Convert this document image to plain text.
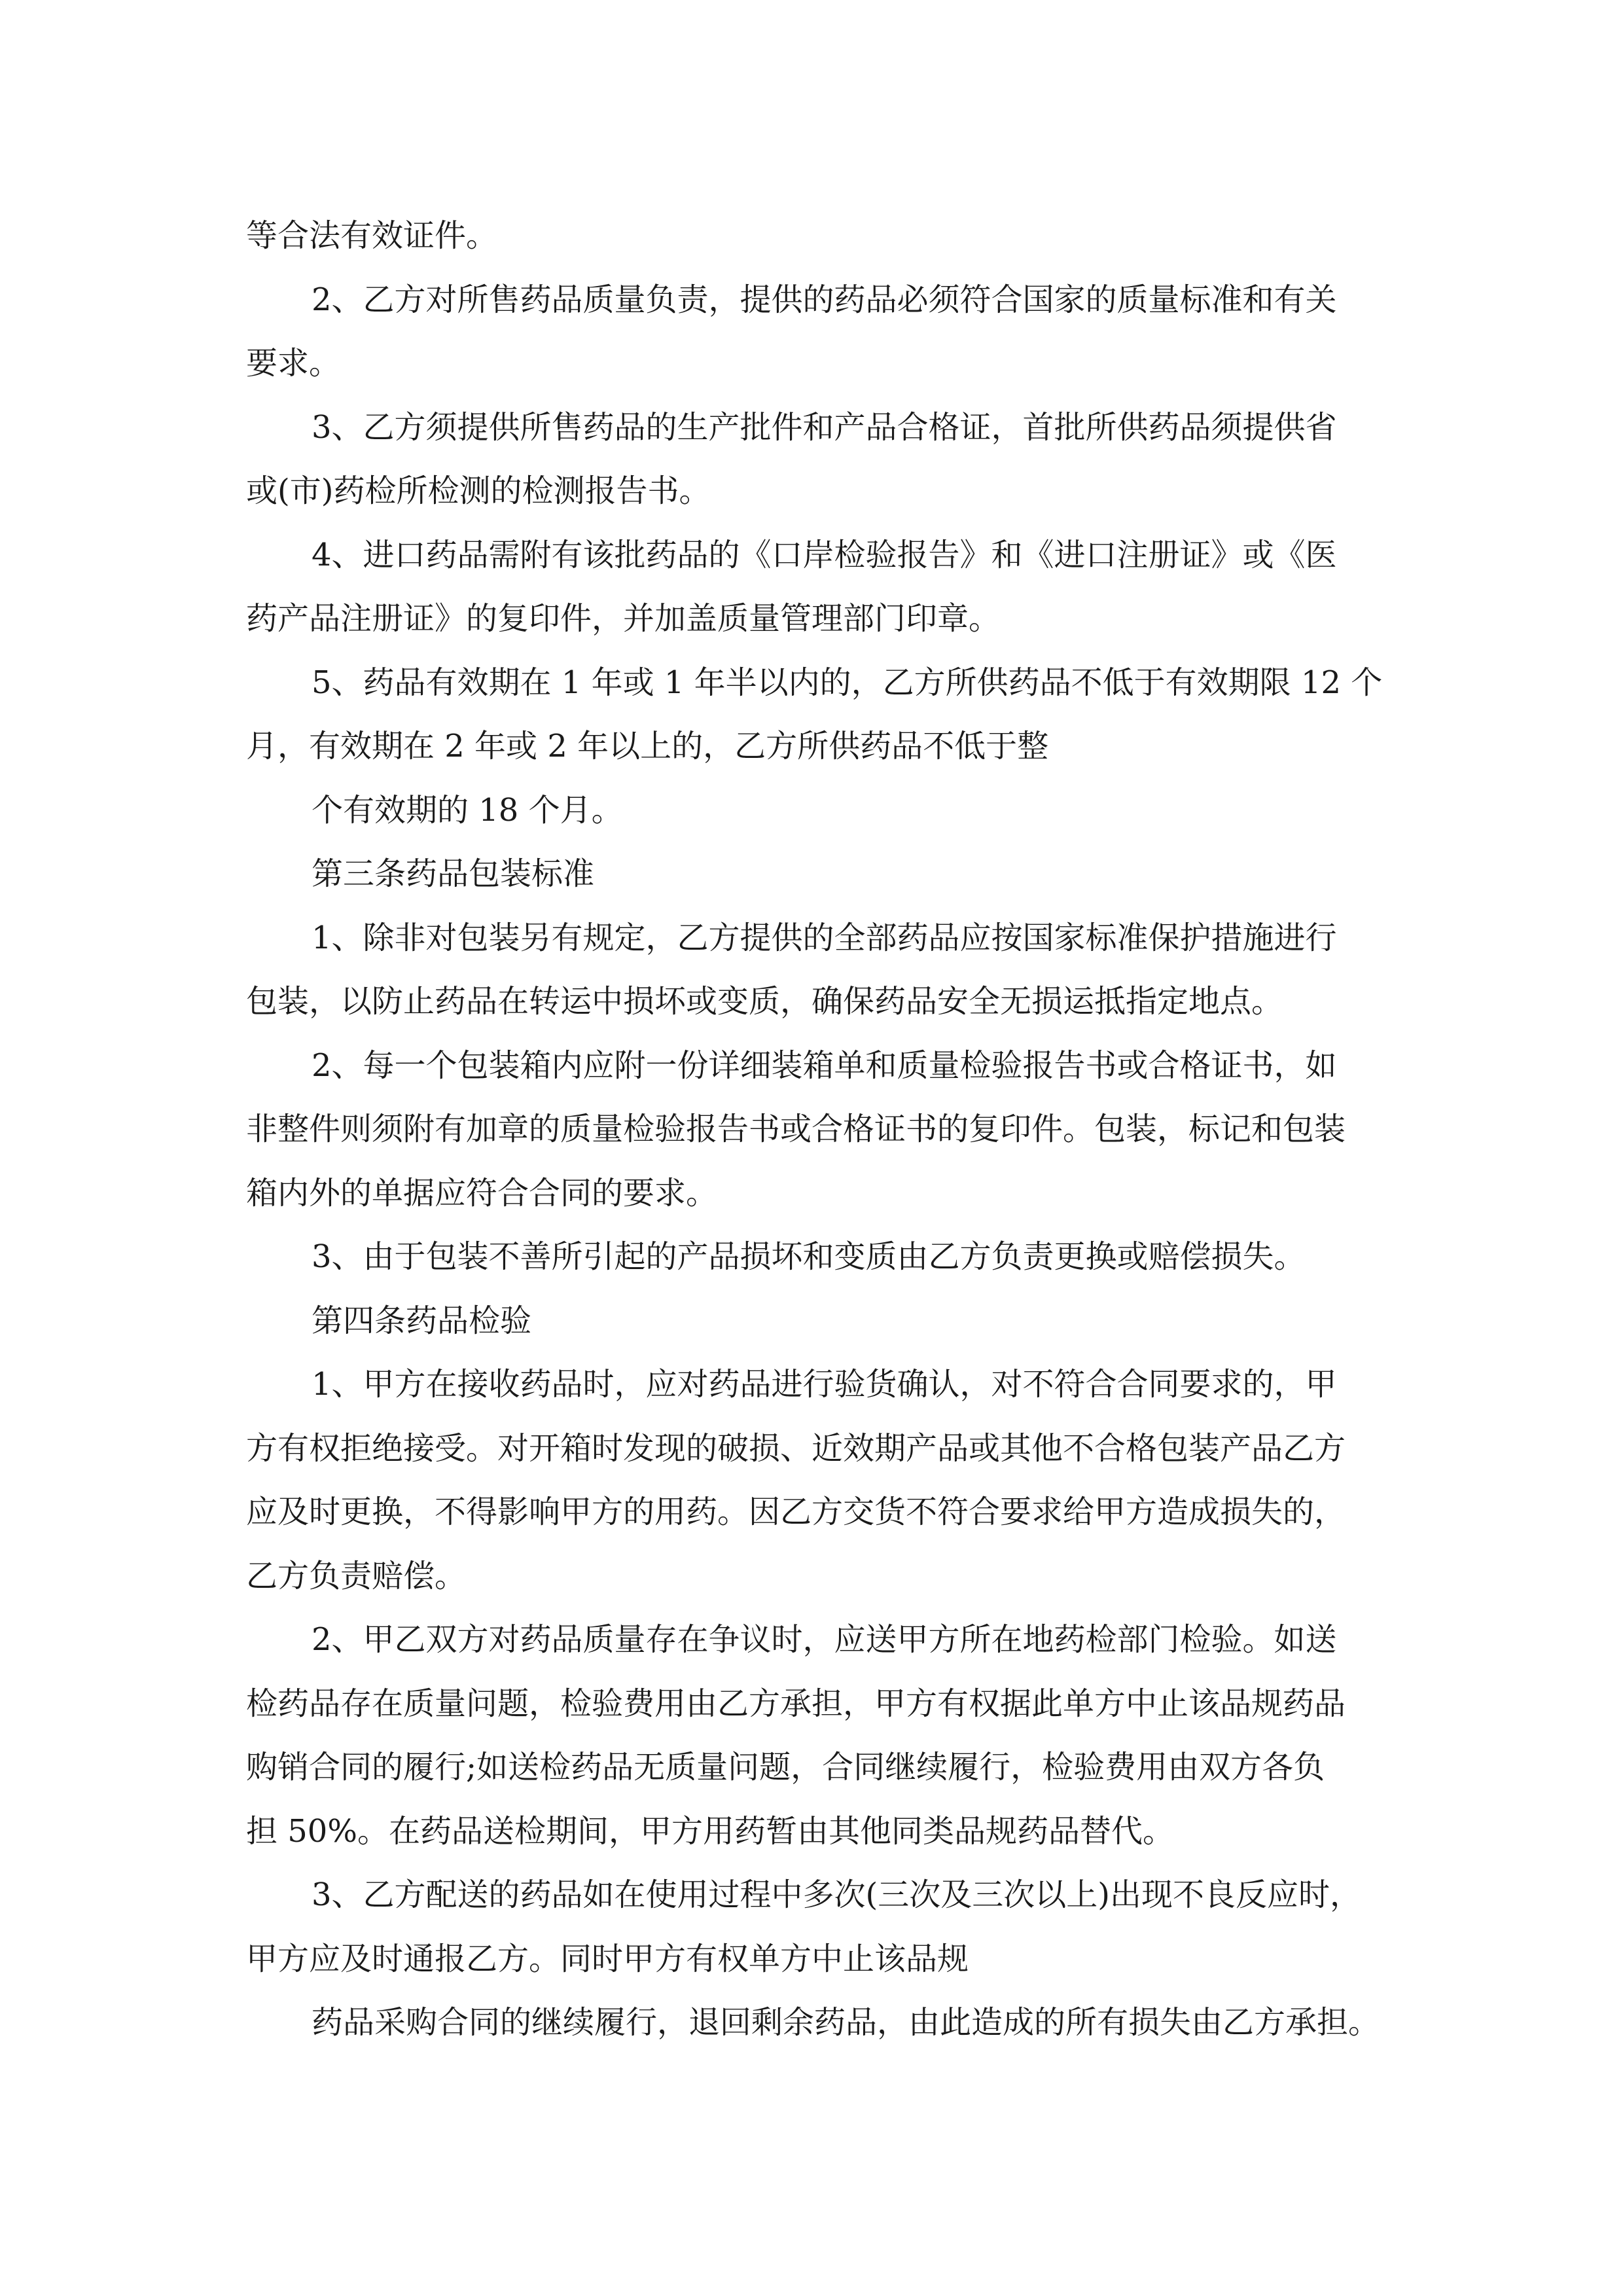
等合法有效证件。
2、乙方对所售药品质量负责，提供的药品必须符合国家的质量标准和有关
要求。
3、乙方须提供所售药品的生产批件和产品合格证，首批所供药品须提供省
或(市)药检所检测的检测报告书。
4、进口药品需附有该批药品的《口岸检验报告》和《进口注册证》或《医
药产品注册证》的复印件，并加盖质量管理部门印章。
5、药品有效期在 1 年或 1 年半以内的，乙方所供药品不低于有效期限 12 个
月，有效期在 2 年或 2 年以上的，乙方所供药品不低于整
个有效期的 18 个月。
第三条药品包装标准
1、除非对包装另有规定，乙方提供的全部药品应按国家标准保护措施进行
包装，以防止药品在转运中损坏或变质，确保药品安全无损运抵指定地点。
2、每一个包装箱内应附一份详细装箱单和质量检验报告书或合格证书，如
非整件则须附有加章的质量检验报告书或合格证书的复印件。包装，标记和包装
箱内外的单据应符合合同的要求。
3、由于包装不善所引起的产品损坏和变质由乙方负责更换或赔偿损失。
第四条药品检验
1、甲方在接收药品时，应对药品进行验货确认，对不符合合同要求的，甲
方有权拒绝接受。对开箱时发现的破损、近效期产品或其他不合格包装产品乙方
应及时更换，不得影响甲方的用药。因乙方交货不符合要求给甲方造成损失的，
乙方负责赔偿。
2、甲乙双方对药品质量存在争议时，应送甲方所在地药检部门检验。如送
检药品存在质量问题，检验费用由乙方承担，甲方有权据此单方中止该品规药品
购销合同的履行;如送检药品无质量问题，合同继续履行，检验费用由双方各负
担 50%。在药品送检期间，甲方用药暂由其他同类品规药品替代。
3、乙方配送的药品如在使用过程中多次(三次及三次以上)出现不良反应时，
甲方应及时通报乙方。同时甲方有权单方中止该品规
药品采购合同的继续履行，退回剩余药品，由此造成的所有损失由乙方承担。
